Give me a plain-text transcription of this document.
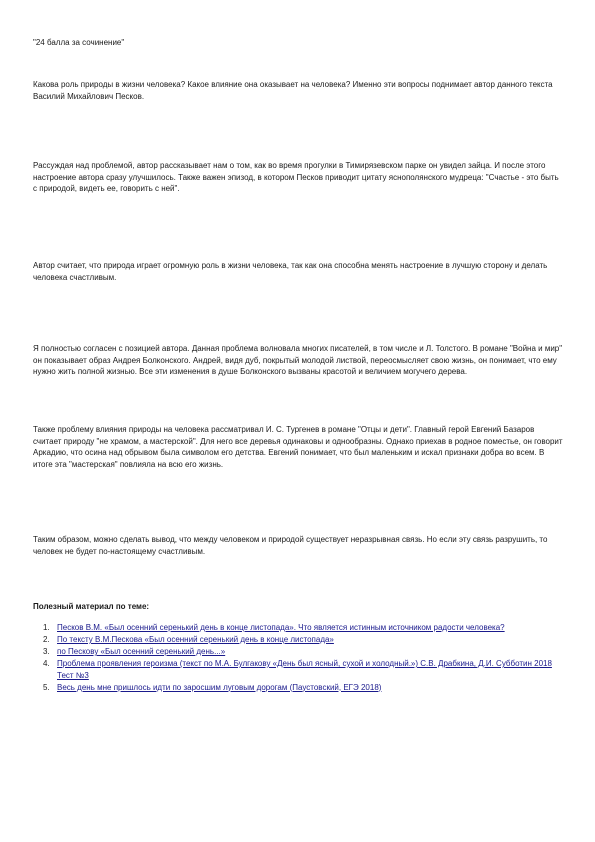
"24 балла за сочинение"

Какова роль природы в жизни человека? Какое влияние она оказывает на человека? Именно эти вопросы поднимает автор данного текста Василий Михайлович Песков.

Рассуждая над проблемой, автор рассказывает нам о том, как во время прогулки в Тимирязевском парке он увидел зайца. И после этого настроение автора сразу улучшилось. Также важен эпизод, в котором Песков приводит цитату яснополянского мудреца: "Счастье - это быть с природой, видеть ее, говорить с ней".

Автор считает, что природа играет огромную роль в жизни человека, так как она способна менять настроение в лучшую сторону и делать человека счастливым.

Я полностью согласен с позицией автора. Данная проблема волновала многих писателей, в том числе и Л. Толстого. В романе "Война и мир" он показывает образ Андрея Болконского. Андрей, видя дуб, покрытый молодой листвой, переосмысляет свою жизнь, он понимает, что ему нужно жить полной жизнью. Все эти изменения в душе Болконского вызваны красотой и величием могучего дерева.

Также проблему влияния природы на человека рассматривал И. С. Тургенев в романе "Отцы и дети". Главный герой Евгений Базаров считает природу "не храмом, а мастерской". Для него все деревья одинаковы и однообразны. Однако приехав в родное поместье, он говорит Аркадию, что осина над обрывом была символом его детства. Евгений понимает, что был маленьким и искал признаки добра во всем. В итоге эта "мастерская" повлияла на всю его жизнь.

Таким образом, можно сделать вывод, что между человеком и природой существует неразрывная связь. Но если эту связь разрушить, то человек не будет по-настоящему счастливым.

Полезный материал по теме:

1. Песков В.М. «Был осенний серенький день в конце листопада». Что является истинным источником радости человека?
2. По тексту В.М.Пескова «Был осенний серенький день в конце листопада»
3. по Пескову «Был осенний серенький день...»
4. Проблема проявления героизма (текст по М.А. Булгакову «День был ясный, сухой и холодный.») С.В. Драбкина, Д.И. Субботин 2018 Тест №3
5. Весь день мне пришлось идти по заросшим луговым дорогам (Паустовский, ЕГЭ 2018)
